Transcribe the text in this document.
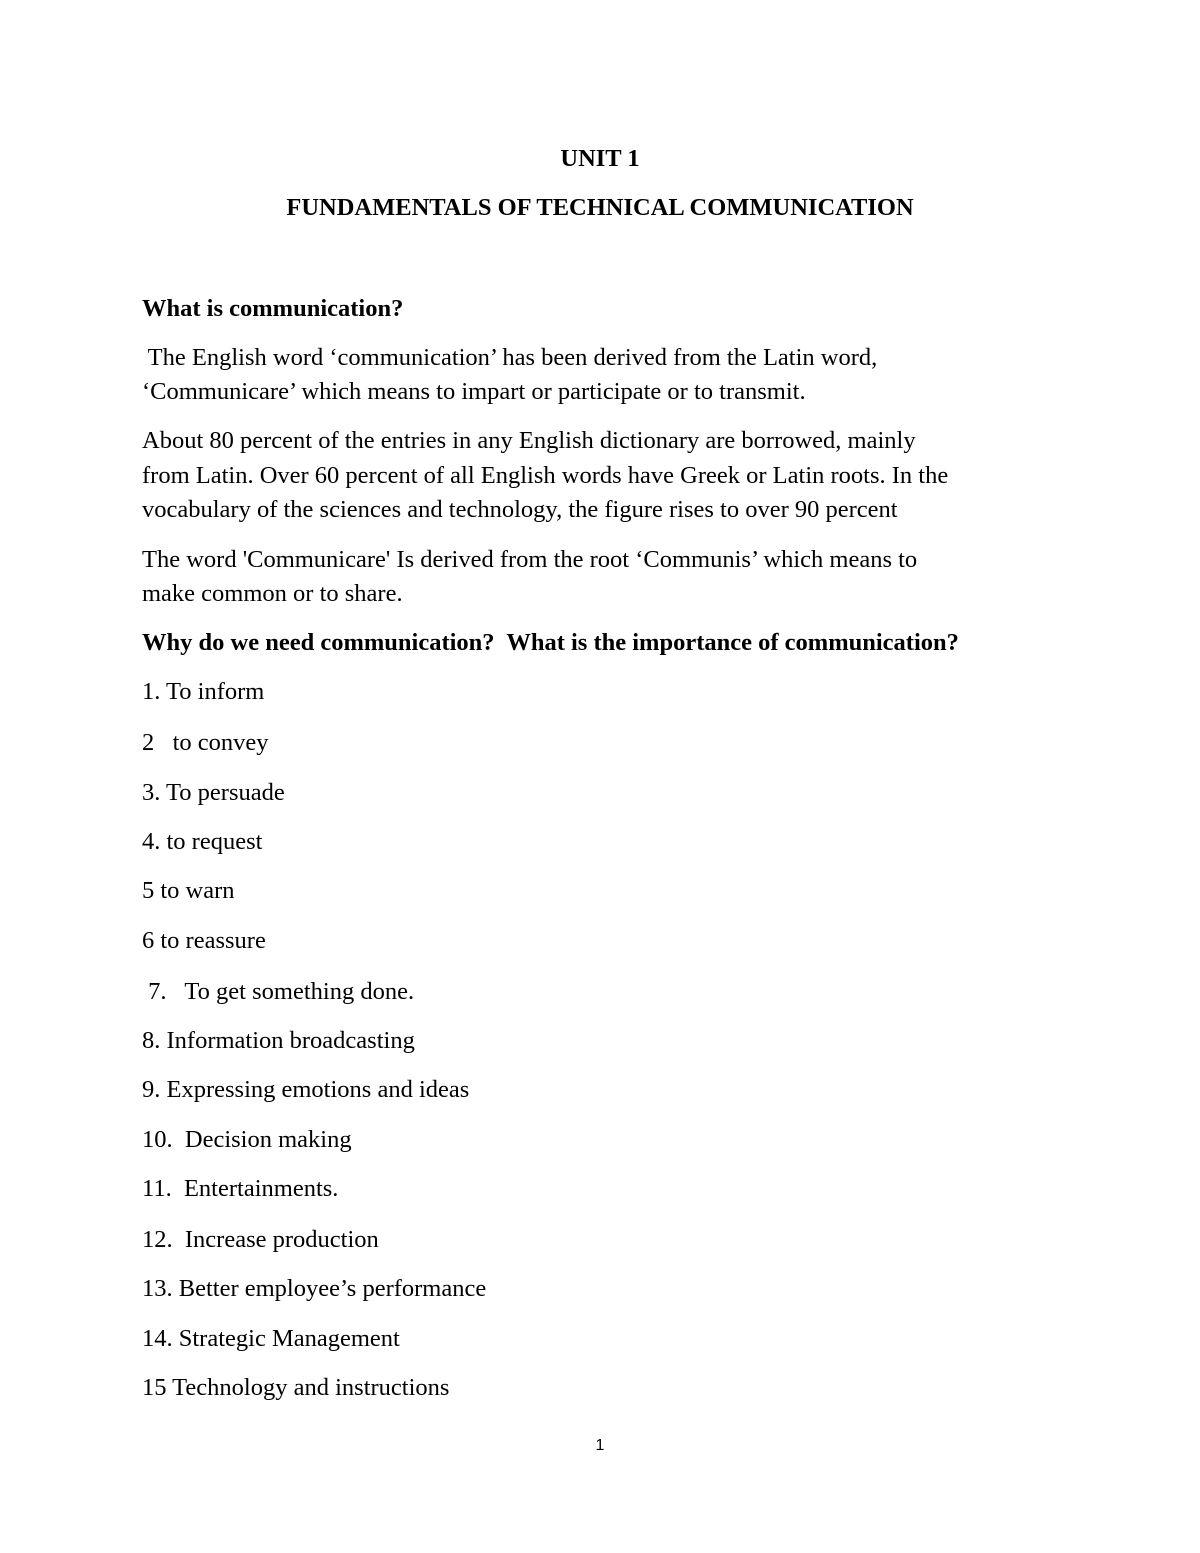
UNIT 1
FUNDAMENTALS OF TECHNICAL COMMUNICATION
What is communication?
The English word ‘communication’ has been derived from the Latin word,
‘Communicare’ which means to impart or participate or to transmit.
About 80 percent of the entries in any English dictionary are borrowed, mainly
from Latin. Over 60 percent of all English words have Greek or Latin roots. In the
vocabulary of the sciences and technology, the figure rises to over 90 percent
The word 'Communicare' Is derived from the root ‘Communis’ which means to
make common or to share.
Why do we need communication?  What is the importance of communication?
1. To inform
2   to convey
3. To persuade
4. to request
5 to warn
6 to reassure
7.   To get something done.
8. Information broadcasting
9. Expressing emotions and ideas
10.  Decision making
11.  Entertainments.
12.  Increase production
13. Better employee’s performance
14. Strategic Management
15 Technology and instructions
1
